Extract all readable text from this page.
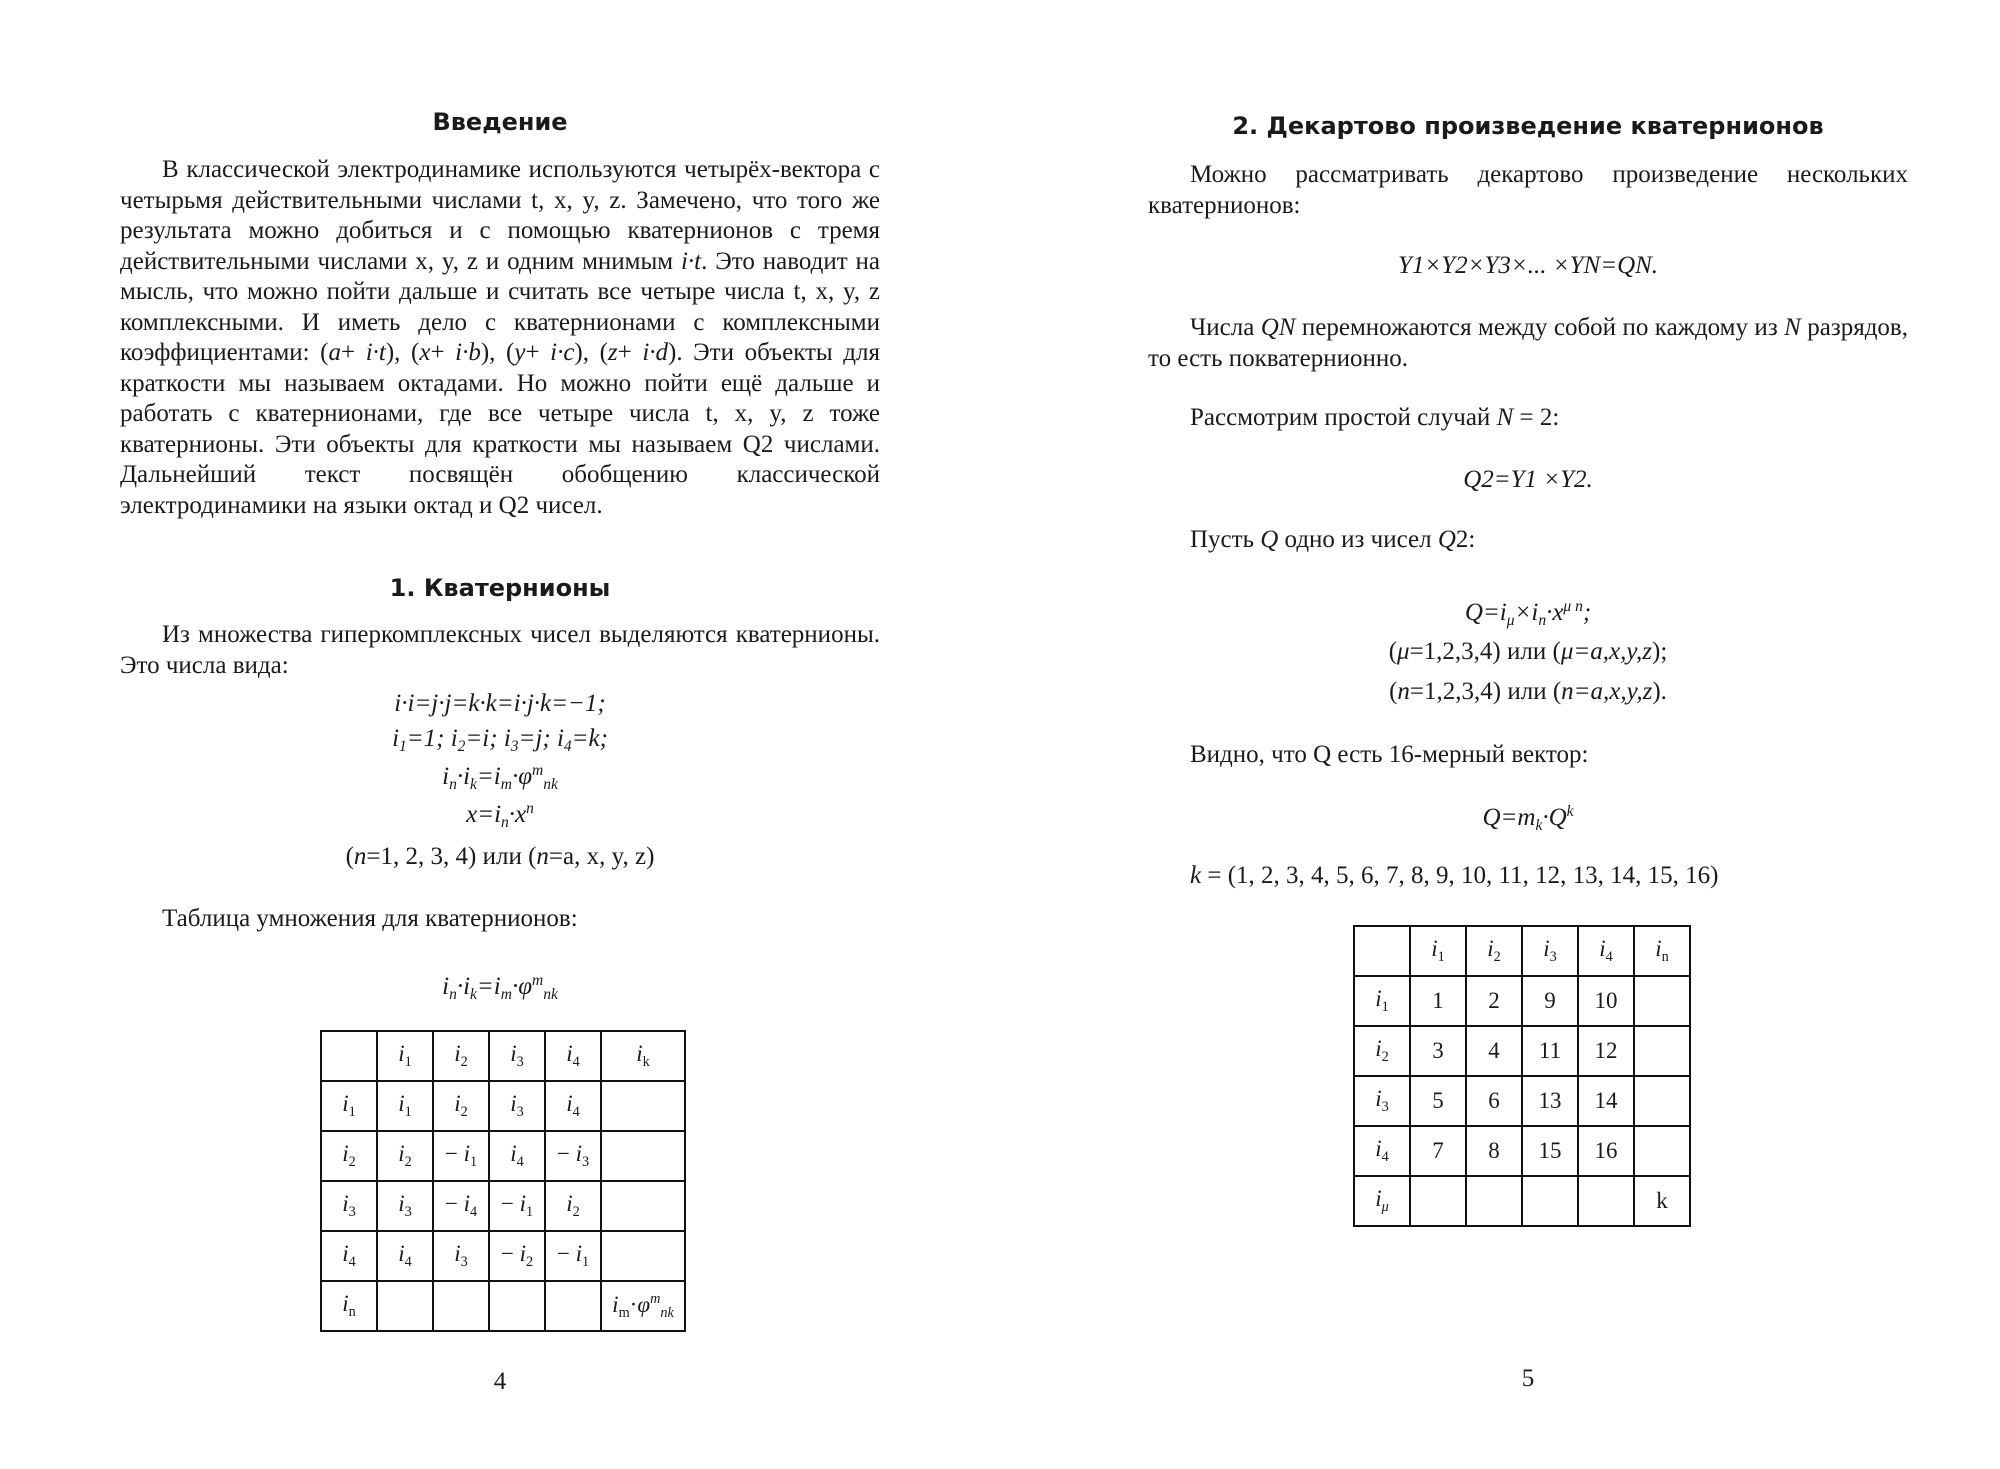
Введение

В классической электродинамике используются четырёх-вектора с четырьмя действительными числами t, x, y, z. Замечено, что того же результата можно добиться и с помощью кватернионов с тремя действительными числами x, y, z и одним мнимым i·t. Это наводит на мысль, что можно пойти дальше и считать все четыре числа t, x, y, z комплексными. И иметь дело с кватернионами с комплексными коэффициентами: (a+ i·t), (x+ i·b), (y+ i·c), (z+ i·d). Эти объекты для краткости мы называем октадами. Но можно пойти ещё дальше и работать с кватернионами, где все четыре числа t, x, y, z тоже кватернионы. Эти объекты для краткости мы называем Q2 числами. Дальнейший текст посвящён обобщению классической электродинамики на языки октад и Q2 чисел.

1. Кватернионы

Из множества гиперкомплексных чисел выделяются кватернионы. Это числа вида:

i·i=j·j=k·k=i·j·k=−1;
$i_1=1$; $i_2=i$; $i_3=j$; $i_4=k$;
$i_n\cdot i_k=i_m\cdot\varphi^m_{nk}$
$x=i_n\cdot x^n$
(n=1, 2, 3, 4) или (n=a, x, y, z)
Таблица умножения для кватернионов:
$i_n\cdot i_k=i_m\cdot\varphi^m_{nk}$
	$i_1$	$i_2$	$i_3$	$i_4$	$i_k$
$i_1$	$i_1$	$i_2$	$i_3$	$i_4$	
$i_2$	$i_2$	− $i_1$	$i_4$	− $i_3$	
$i_3$	$i_3$	− $i_4$	− $i_1$	$i_2$	
$i_4$	$i_4$	$i_3$	− $i_2$	− $i_1$	
$i_n$					$i_m\cdot\varphi^m_{nk}$
4
2. Декартово произведение кватернионов

Можно рассматривать декартово произведение нескольких кватернионов:

Y1×Y2×Y3×... ×YN=QN.

Числа QN перемножаются между собой по каждому из N разрядов, то есть покватернионно.

Рассмотрим простой случай N = 2:

Q2=Y1 ×Y2.

Пусть Q одно из чисел Q2:

$Q=i_\mu\times i_n\cdot x^{\mu n}$;
(μ=1,2,3,4) или (μ=a,x,y,z);
(n=1,2,3,4) или (n=a,x,y,z).

Видно, что Q есть 16-мерный вектор:

$Q=m_k\cdot Q^k$
k = (1, 2, 3, 4, 5, 6, 7, 8, 9, 10, 11, 12, 13, 14, 15, 16)
	$i_1$	$i_2$	$i_3$	$i_4$	$i_n$
$i_1$	1	2	9	10	
$i_2$	3	4	11	12	
$i_3$	5	6	13	14	
$i_4$	7	8	15	16	
$i_\mu$					k
5
